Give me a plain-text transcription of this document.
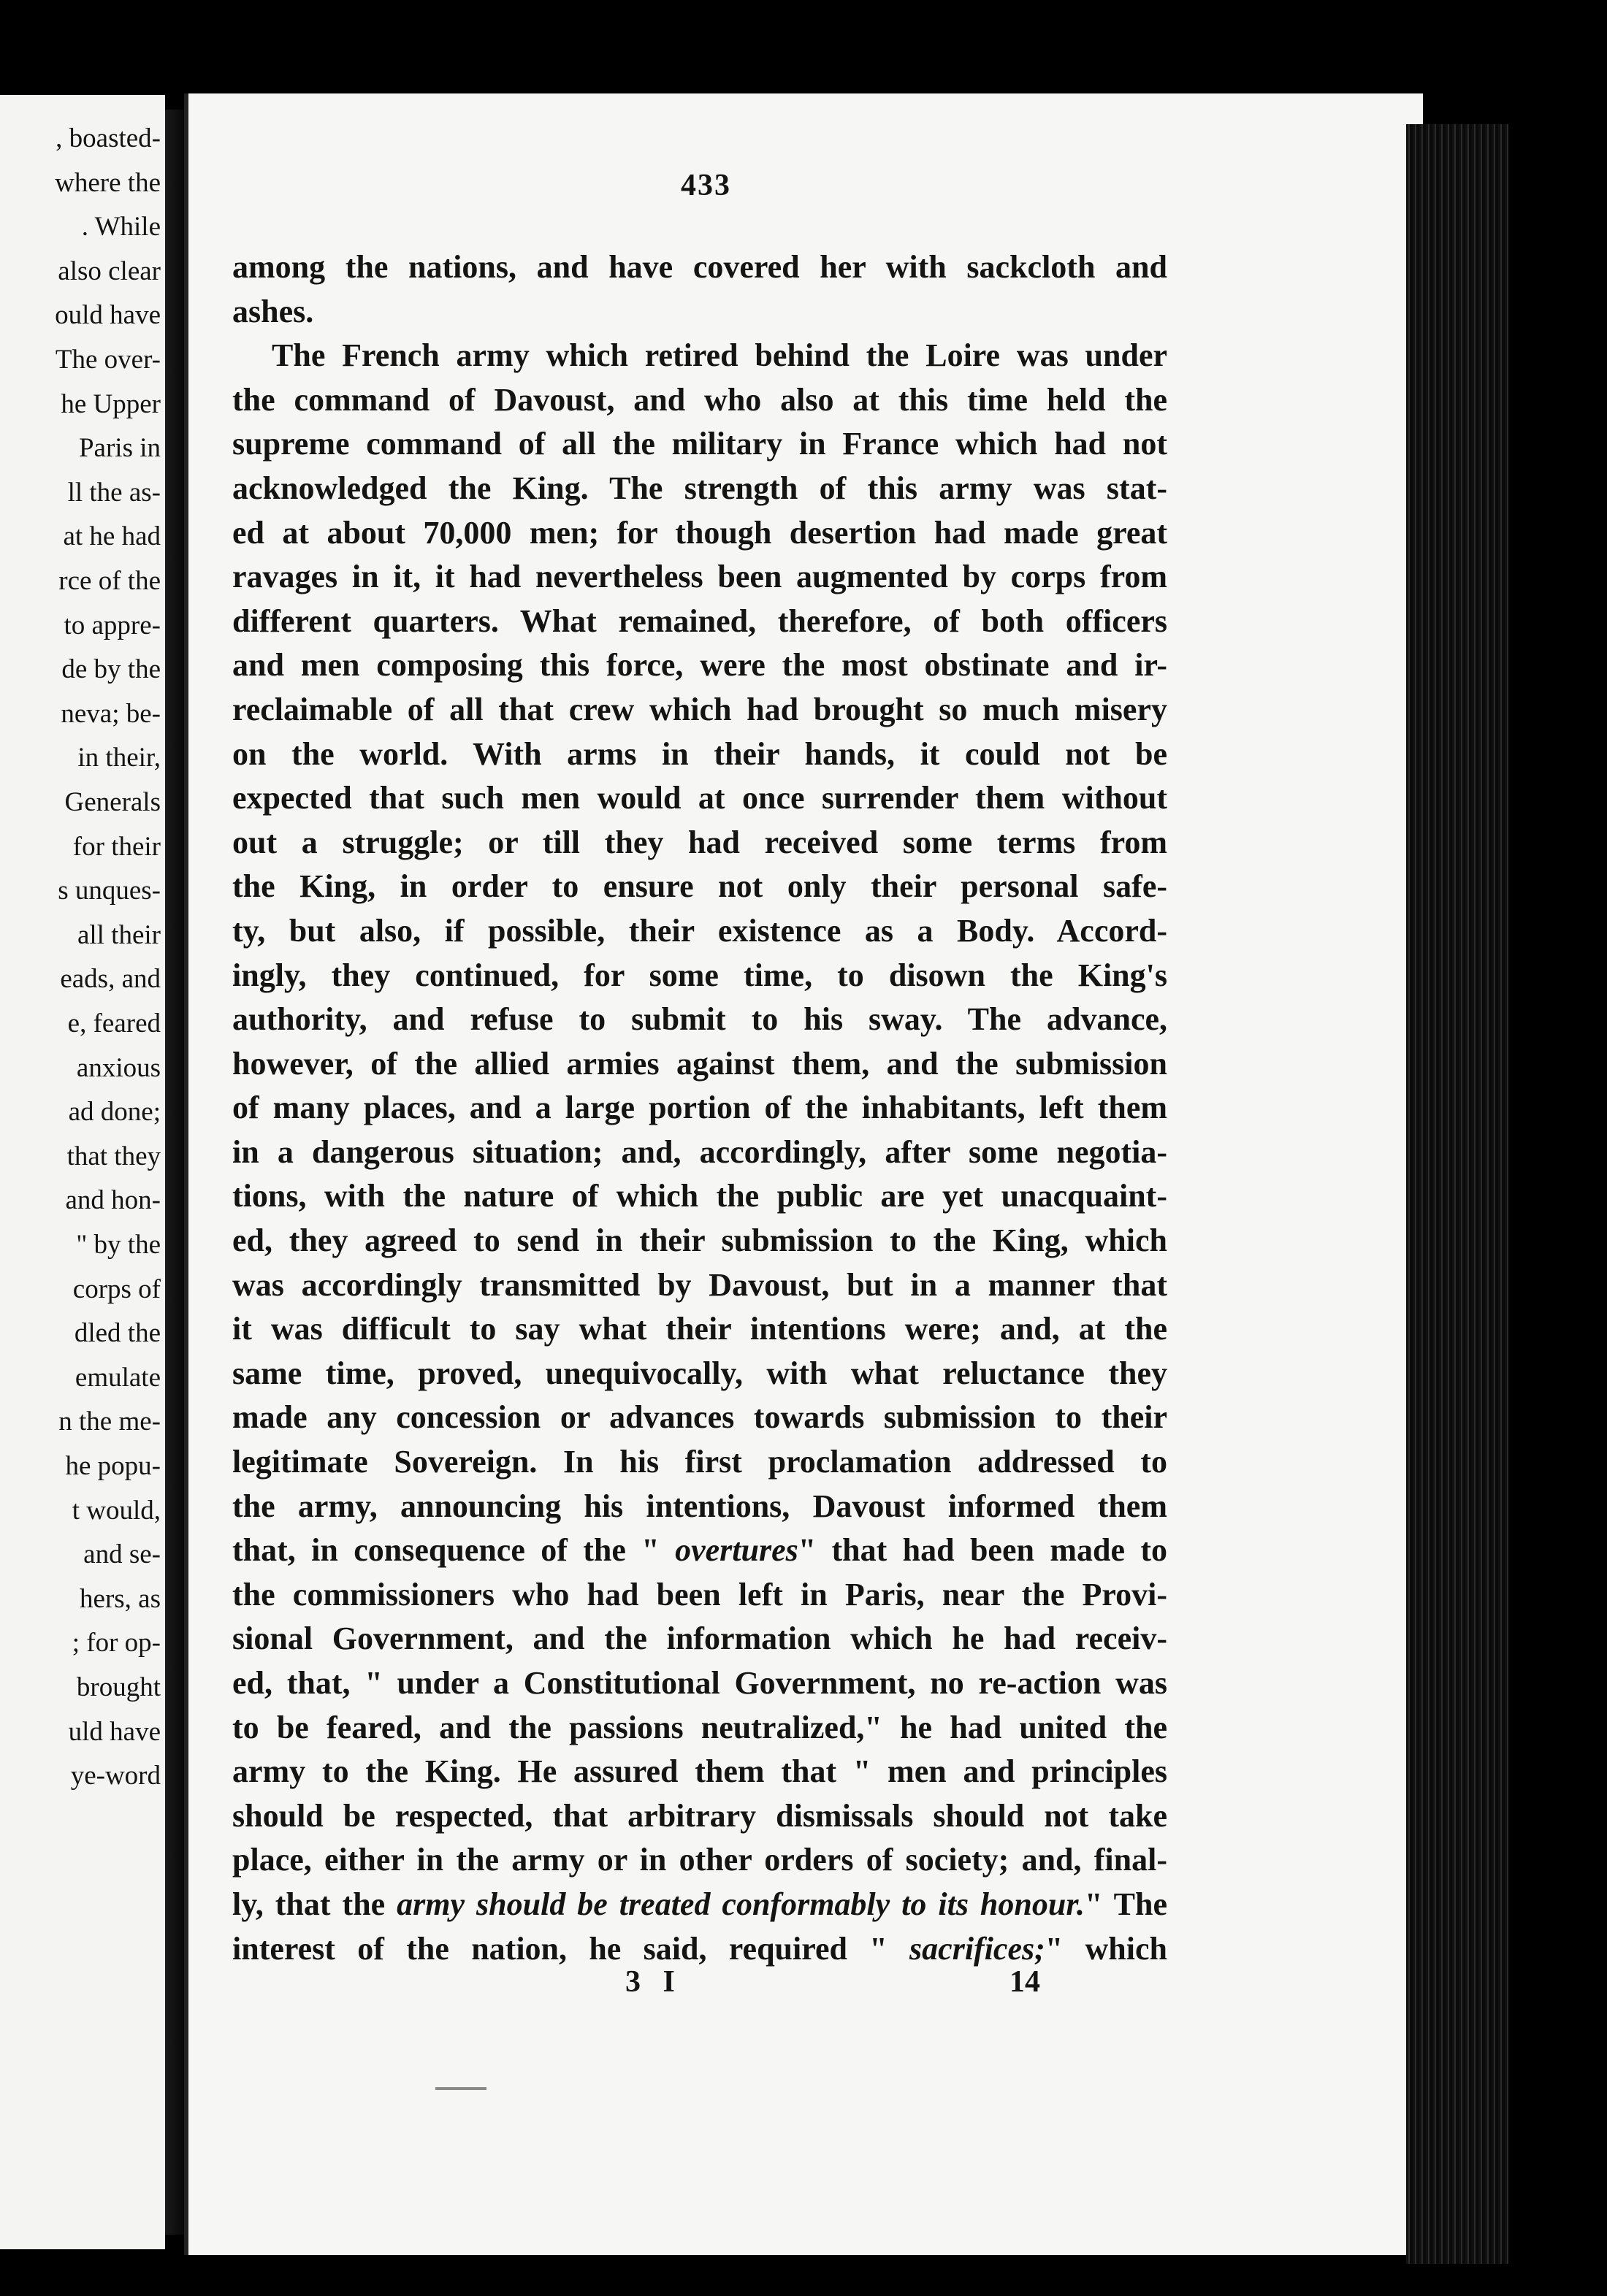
, boasted-
where the
. While
also clear
ould have
The over-
he Upper
Paris in
ll the as-
at he had
rce of the
to appre-
de by the
neva; be-
in their,
Generals
for their
s unques-
all their
eads, and
e, feared
anxious
ad done;
that they
and hon-
" by the
corps of
dled the
emulate
n the me-
he popu-
t would,
and se-
hers, as
; for op-
brought
uld have
ye-word
433
among the nations, and have covered her with sackcloth and
ashes.
The French army which retired behind the Loire was under
the command of Davoust, and who also at this time held the
supreme command of all the military in France which had not
acknowledged the King. The strength of this army was stat-
ed at about 70,000 men; for though desertion had made great
ravages in it, it had nevertheless been augmented by corps from
different quarters. What remained, therefore, of both officers
and men composing this force, were the most obstinate and ir-
reclaimable of all that crew which had brought so much misery
on the world. With arms in their hands, it could not be
expected that such men would at once surrender them without
out a struggle; or till they had received some terms from
the King, in order to ensure not only their personal safe-
ty, but also, if possible, their existence as a Body. Accord-
ingly, they continued, for some time, to disown the King's
authority, and refuse to submit to his sway. The advance,
however, of the allied armies against them, and the submission
of many places, and a large portion of the inhabitants, left them
in a dangerous situation; and, accordingly, after some negotia-
tions, with the nature of which the public are yet unacquaint-
ed, they agreed to send in their submission to the King, which
was accordingly transmitted by Davoust, but in a manner that
it was difficult to say what their intentions were; and, at the
same time, proved, unequivocally, with what reluctance they
made any concession or advances towards submission to their
legitimate Sovereign. In his first proclamation addressed to
the army, announcing his intentions, Davoust informed them
that, in consequence of the " overtures" that had been made to
the commissioners who had been left in Paris, near the Provi-
sional Government, and the information which he had receiv-
ed, that, " under a Constitutional Government, no re-action was
to be feared, and the passions neutralized," he had united the
army to the King. He assured them that " men and principles
should be respected, that arbitrary dismissals should not take
place, either in the army or in other orders of society; and, final-
ly, that the army should be treated conformably to its honour." The
interest of the nation, he said, required " sacrifices;" which
3 I	14
